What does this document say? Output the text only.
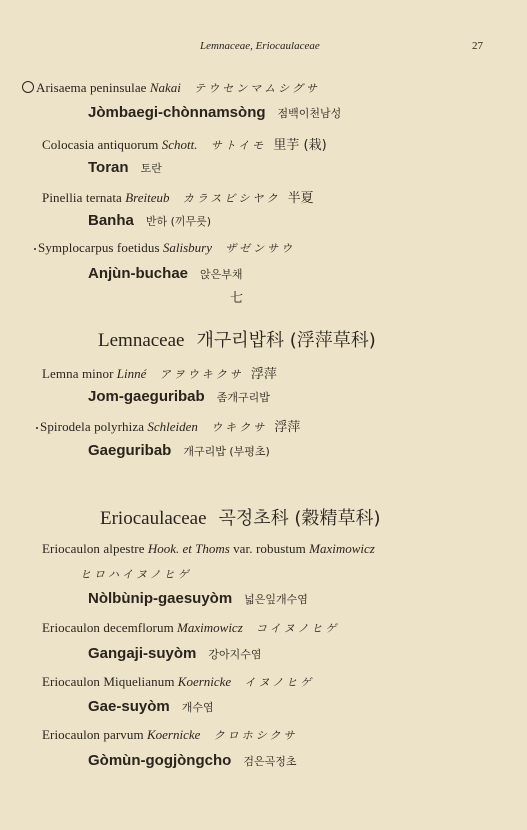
Lemnaceae, Eriocaulaceae	27
Arisaema peninsulae Nakai テウセンマムシグサ
Jòmbaegi-chònnamsòng 점백이천남성
Colocasia antiquorum Schott. サトイモ 里芋 (栽)
Toran 토란
Pinellia ternata Breiteub カラスビシヤク 半夏
Banha 반하 (끼무릇)
Symplocarpus foetidus Salisbury ザゼンサウ
Anjùn-buchae 앉은부채
七
Lemnaceae 개구리밥科 (浮萍草科)
Lemna minor Linné アヲウキクサ 浮萍
Jom-gaeguribab 좀개구리밥
Spirodela polyrhiza Schleiden ウキクサ 浮萍
Gaeguribab 개구리밥 (부평초)
Eriocaulaceae 곡정초科 (穀精草科)
Eriocaulon alpestre Hook. et Thoms var. robustum Maximowicz
ヒロハイヌノヒゲ
Nòlbùnip-gaesuyòm 넓은잎개수염
Eriocaulon decemflorum Maximowicz コイヌノヒゲ
Gangaji-suyòm 강아지수염
Eriocaulon Miquelianum Koernicke イヌノヒゲ
Gae-suyòm 개수염
Eriocaulon parvum Koernicke クロホシクサ
Gòmùn-gogjòngcho 검은곡정초
